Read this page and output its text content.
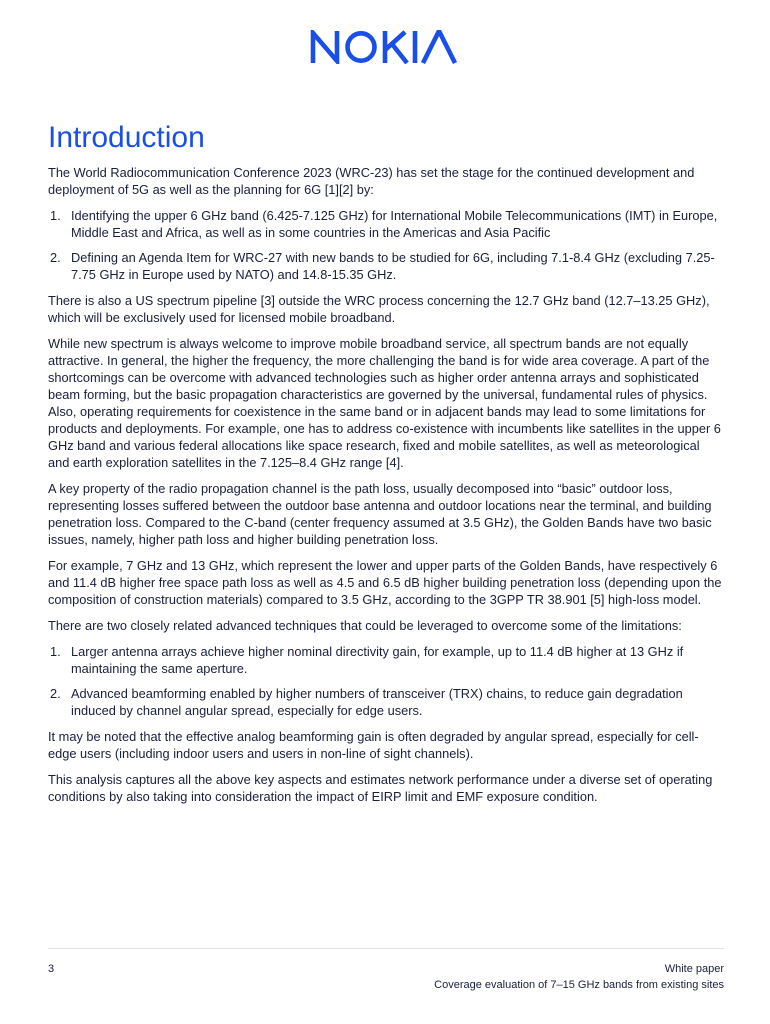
Introduction

The World Radiocommunication Conference 2023 (WRC-23) has set the stage for the continued development and deployment of 5G as well as the planning for 6G [1][2] by:

1. Identifying the upper 6 GHz band (6.425-7.125 GHz) for International Mobile Telecommunications (IMT) in Europe, Middle East and Africa, as well as in some countries in the Americas and Asia Pacific
2. Defining an Agenda Item for WRC-27 with new bands to be studied for 6G, including 7.1-8.4 GHz (excluding 7.25-7.75 GHz in Europe used by NATO) and 14.8-15.35 GHz.

There is also a US spectrum pipeline [3] outside the WRC process concerning the 12.7 GHz band (12.7–13.25 GHz), which will be exclusively used for licensed mobile broadband.

While new spectrum is always welcome to improve mobile broadband service, all spectrum bands are not equally attractive. In general, the higher the frequency, the more challenging the band is for wide area coverage. A part of the shortcomings can be overcome with advanced technologies such as higher order antenna arrays and sophisticated beam forming, but the basic propagation characteristics are governed by the universal, fundamental rules of physics. Also, operating requirements for coexistence in the same band or in adjacent bands may lead to some limitations for products and deployments. For example, one has to address co-existence with incumbents like satellites in the upper 6 GHz band and various federal allocations like space research, fixed and mobile satellites, as well as meteorological and earth exploration satellites in the 7.125–8.4 GHz range [4].

A key property of the radio propagation channel is the path loss, usually decomposed into “basic” outdoor loss, representing losses suffered between the outdoor base antenna and outdoor locations near the terminal, and building penetration loss. Compared to the C-band (center frequency assumed at 3.5 GHz), the Golden Bands have two basic issues, namely, higher path loss and higher building penetration loss.

For example, 7 GHz and 13 GHz, which represent the lower and upper parts of the Golden Bands, have respectively 6 and 11.4 dB higher free space path loss as well as 4.5 and 6.5 dB higher building penetration loss (depending upon the composition of construction materials) compared to 3.5 GHz, according to the 3GPP TR 38.901 [5] high-loss model.

There are two closely related advanced techniques that could be leveraged to overcome some of the limitations:

1. Larger antenna arrays achieve higher nominal directivity gain, for example, up to 11.4 dB higher at 13 GHz if maintaining the same aperture.
2. Advanced beamforming enabled by higher numbers of transceiver (TRX) chains, to reduce gain degradation induced by channel angular spread, especially for edge users.

It may be noted that the effective analog beamforming gain is often degraded by angular spread, especially for cell-edge users (including indoor users and users in non-line of sight channels).

This analysis captures all the above key aspects and estimates network performance under a diverse set of operating conditions by also taking into consideration the impact of EIRP limit and EMF exposure condition.

3	White paper
Coverage evaluation of 7–15 GHz bands from existing sites
